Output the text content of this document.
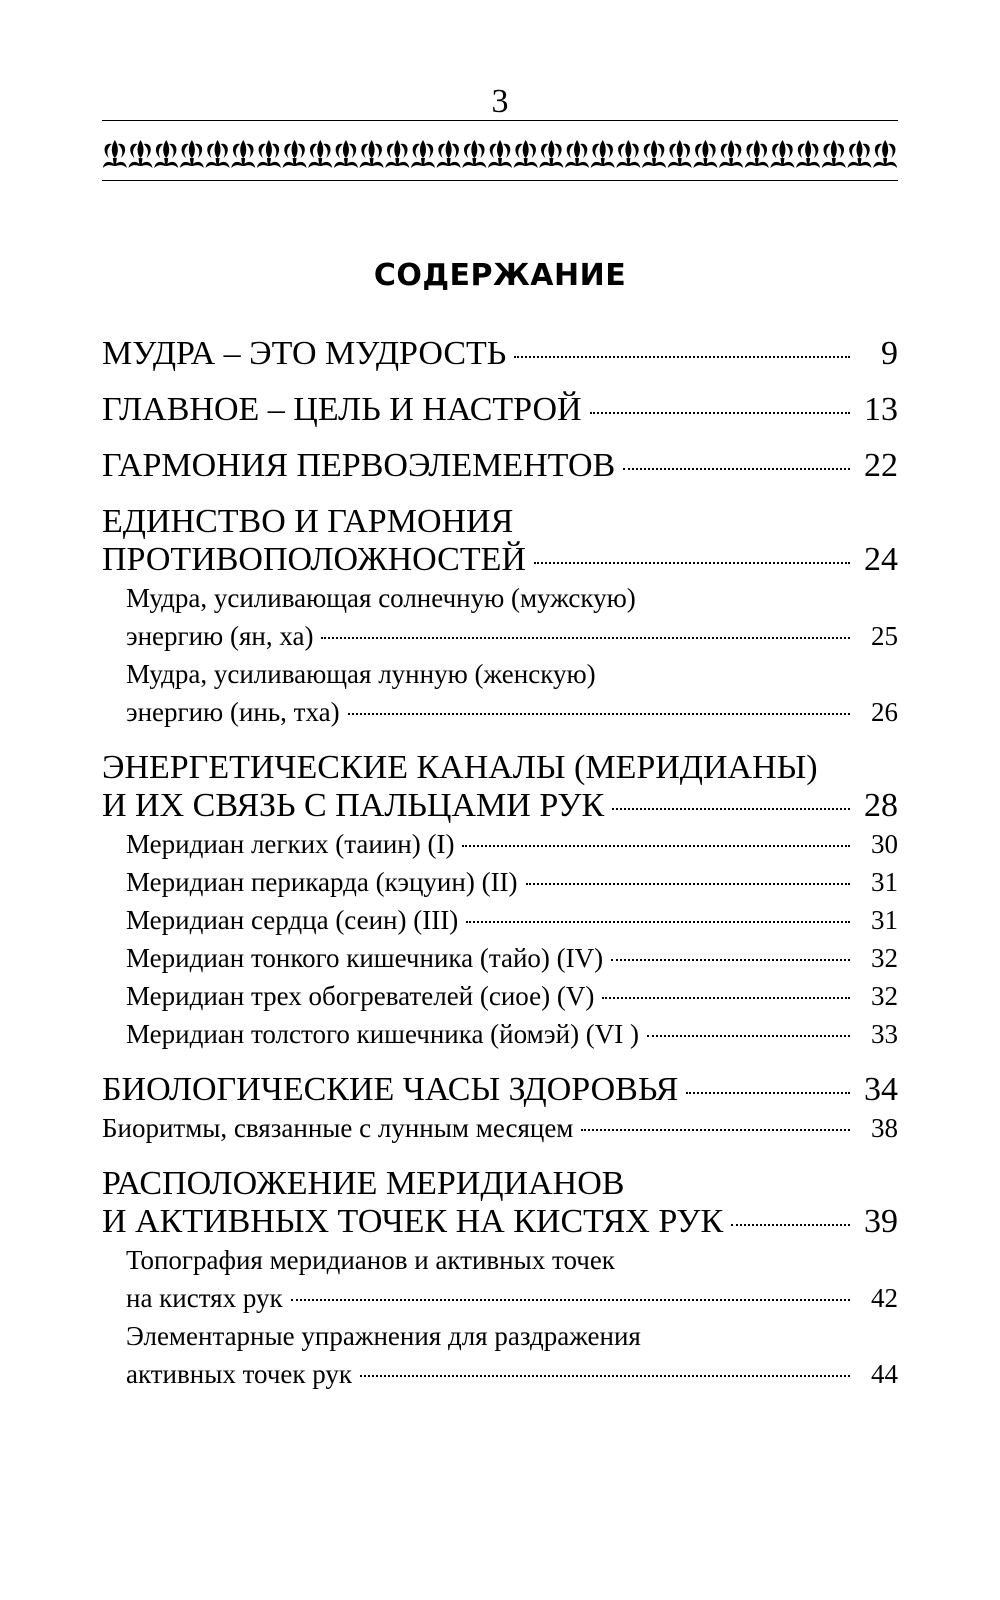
3
СОДЕРЖАНИЕ
МУДРА – ЭТО МУДРОСТЬ	9
ГЛАВНОЕ – ЦЕЛЬ И НАСТРОЙ	13
ГАРМОНИЯ ПЕРВОЭЛЕМЕНТОВ	22
ЕДИНСТВО И ГАРМОНИЯ
ПРОТИВОПОЛОЖНОСТЕЙ	24
Мудра, усиливающая солнечную (мужскую)
энергию (ян, ха)	25
Мудра, усиливающая лунную (женскую)
энергию (инь, тха)	26
ЭНЕРГЕТИЧЕСКИЕ КАНАЛЫ (МЕРИДИАНЫ)
И ИХ СВЯЗЬ С ПАЛЬЦАМИ РУК	28
Меридиан легких (таиин) (I)	30
Меридиан перикарда (кэцуин) (II)	31
Меридиан сердца (сеин) (III)	31
Меридиан тонкого кишечника (тайо) (IV)	32
Меридиан трех обогревателей (сиое) (V)	32
Меридиан толстого кишечника (йомэй) (VI )	33
БИОЛОГИЧЕСКИЕ ЧАСЫ ЗДОРОВЬЯ	34
Биоритмы, связанные с лунным месяцем	38
РАСПОЛОЖЕНИЕ МЕРИДИАНОВ
И АКТИВНЫХ ТОЧЕК НА КИСТЯХ РУК	39
Топография меридианов и активных точек
на кистях рук	42
Элементарные упражнения для раздражения
активных точек рук	44
